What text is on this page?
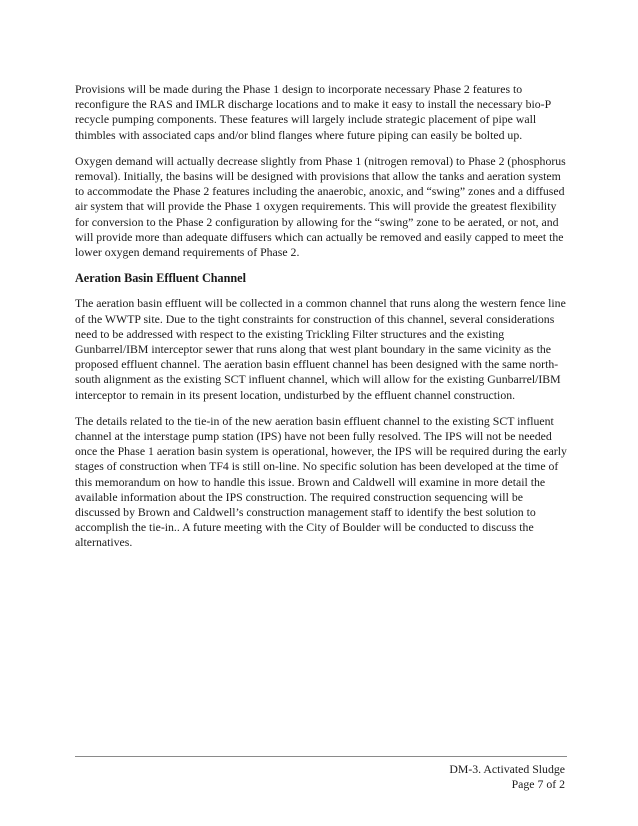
Provisions will be made during the Phase 1 design to incorporate necessary Phase 2 features to reconfigure the RAS and IMLR discharge locations and to make it easy to install the necessary bio-P recycle pumping components. These features will largely include strategic placement of pipe wall thimbles with associated caps and/or blind flanges where future piping can easily be bolted up.

Oxygen demand will actually decrease slightly from Phase 1 (nitrogen removal) to Phase 2 (phosphorus removal). Initially, the basins will be designed with provisions that allow the tanks and aeration system to accommodate the Phase 2 features including the anaerobic, anoxic, and “swing” zones and a diffused air system that will provide the Phase 1 oxygen requirements. This will provide the greatest flexibility for conversion to the Phase 2 configuration by allowing for the “swing” zone to be aerated, or not, and will provide more than adequate diffusers which can actually be removed and easily capped to meet the lower oxygen demand requirements of Phase 2.

Aeration Basin Effluent Channel

The aeration basin effluent will be collected in a common channel that runs along the western fence line of the WWTP site. Due to the tight constraints for construction of this channel, several considerations need to be addressed with respect to the existing Trickling Filter structures and the existing Gunbarrel/IBM interceptor sewer that runs along that west plant boundary in the same vicinity as the proposed effluent channel. The aeration basin effluent channel has been designed with the same north-south alignment as the existing SCT influent channel, which will allow for the existing Gunbarrel/IBM interceptor to remain in its present location, undisturbed by the effluent channel construction.

The details related to the tie-in of the new aeration basin effluent channel to the existing SCT influent channel at the interstage pump station (IPS) have not been fully resolved. The IPS will not be needed once the Phase 1 aeration basin system is operational, however, the IPS will be required during the early stages of construction when TF4 is still on-line. No specific solution has been developed at the time of this memorandum on how to handle this issue. Brown and Caldwell will examine in more detail the available information about the IPS construction. The required construction sequencing will be discussed by Brown and Caldwell’s construction management staff to identify the best solution to accomplish the tie-in.. A future meeting with the City of Boulder will be conducted to discuss the alternatives.

DM-3. Activated Sludge
Page 7 of 2
